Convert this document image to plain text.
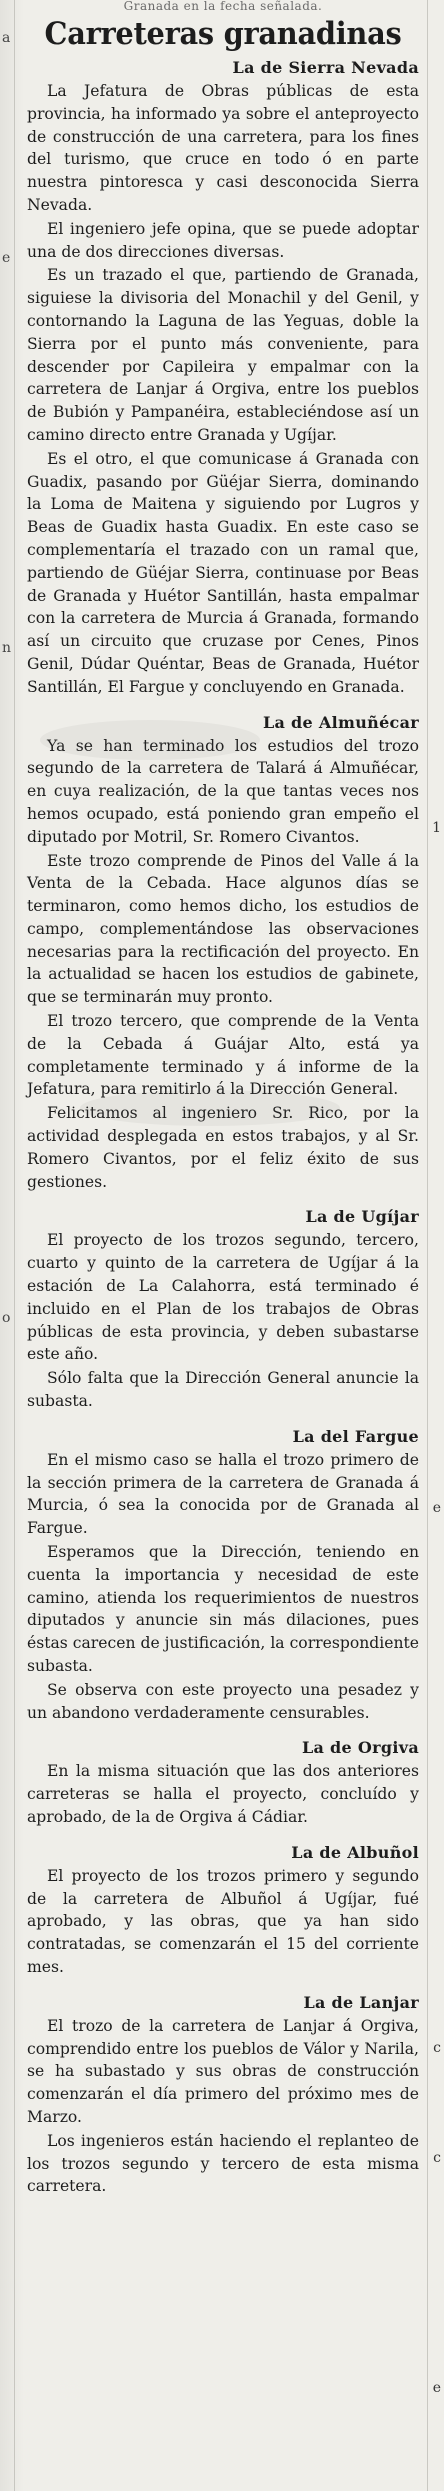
a
e
n
o
1
e
c
c
e
Granada en la fecha señalada.
Carreteras granadinas
La de Sierra Nevada

La Jefatura de Obras públicas de esta provincia, ha informado ya sobre el anteproyecto de construcción de una carretera, para los fines del turismo, que cruce en todo ó en parte nuestra pintoresca y casi desconocida Sierra Nevada.

El ingeniero jefe opina, que se puede adoptar una de dos direcciones diversas.

Es un trazado el que, partiendo de Granada, siguiese la divisoria del Monachil y del Genil, y contornando la Laguna de las Yeguas, doble la Sierra por el punto más conveniente, para descender por Capileira y empalmar con la carretera de Lanjar á Orgiva, entre los pueblos de Bubión y Pampanéira, estableciéndose así un camino directo entre Granada y Ugíjar.

Es el otro, el que comunicase á Granada con Guadix, pasando por Güéjar Sierra, dominando la Loma de Maitena y siguiendo por Lugros y Beas de Guadix hasta Guadix. En este caso se complementaría el trazado con un ramal que, partiendo de Güéjar Sierra, continuase por Beas de Granada y Huétor Santillán, hasta empalmar con la carretera de Murcia á Granada, formando así un circuito que cruzase por Cenes, Pinos Genil, Dúdar Quéntar, Beas de Granada, Huétor Santillán, El Fargue y concluyendo en Granada.

La de Almuñécar

Ya se han terminado los estudios del trozo segundo de la carretera de Talará á Almuñécar, en cuya realización, de la que tantas veces nos hemos ocupado, está poniendo gran empeño el diputado por Motril, Sr. Romero Civantos.

Este trozo comprende de Pinos del Valle á la Venta de la Cebada. Hace algunos días se terminaron, como hemos dicho, los estudios de campo, complementándose las observaciones necesarias para la rectificación del proyecto. En la actualidad se hacen los estudios de gabinete, que se terminarán muy pronto.

El trozo tercero, que comprende de la Venta de la Cebada á Guájar Alto, está ya completamente terminado y á informe de la Jefatura, para remitirlo á la Dirección General.

Felicitamos al ingeniero Sr. Rico, por la actividad desplegada en estos trabajos, y al Sr. Romero Civantos, por el feliz éxito de sus gestiones.

La de Ugíjar

El proyecto de los trozos segundo, tercero, cuarto y quinto de la carretera de Ugíjar á la estación de La Calahorra, está terminado é incluido en el Plan de los trabajos de Obras públicas de esta provincia, y deben subastarse este año.

Sólo falta que la Dirección General anuncie la subasta.

La del Fargue

En el mismo caso se halla el trozo primero de la sección primera de la carretera de Granada á Murcia, ó sea la conocida por de Granada al Fargue.

Esperamos que la Dirección, teniendo en cuenta la importancia y necesidad de este camino, atienda los requerimientos de nuestros diputados y anuncie sin más dilaciones, pues éstas carecen de justificación, la correspondiente subasta.

Se observa con este proyecto una pesadez y un abandono verdaderamente censurables.

La de Orgiva

En la misma situación que las dos anteriores carreteras se halla el proyecto, concluído y aprobado, de la de Orgiva á Cádiar.

La de Albuñol

El proyecto de los trozos primero y segundo de la carretera de Albuñol á Ugíjar, fué aprobado, y las obras, que ya han sido contratadas, se comenzarán el 15 del corriente mes.

La de Lanjar

El trozo de la carretera de Lanjar á Orgiva, comprendido entre los pueblos de Válor y Narila, se ha subastado y sus obras de construcción comenzarán el día primero del próximo mes de Marzo.

Los ingenieros están haciendo el replanteo de los trozos segundo y tercero de esta misma carretera.
